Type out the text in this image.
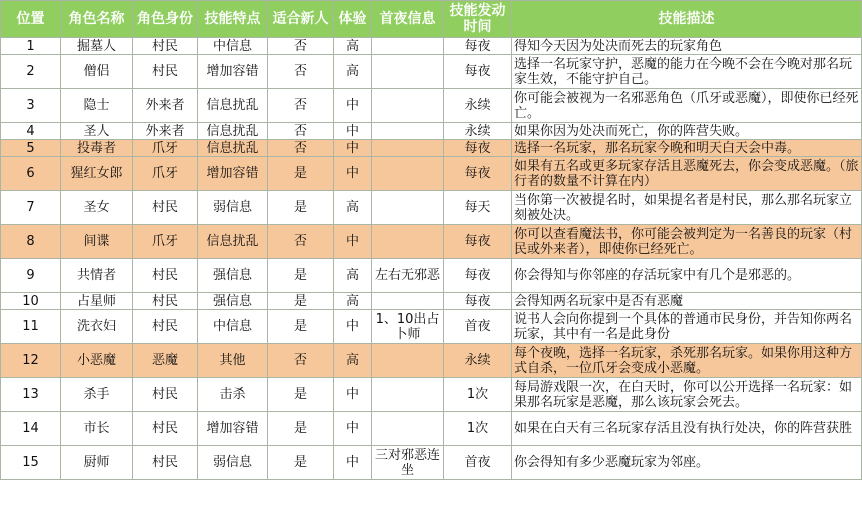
位置	角色名称	角色身份	技能特点	适合新人	体验	首夜信息	技能发动时间	技能描述
1	掘墓人	村民	中信息	否	高		每夜	得知今天因为处决而死去的玩家角色
2	僧侣	村民	增加容错	否	高		每夜	选择一名玩家守护，恶魔的能力在今晚不会在今晚对那名玩家生效，不能守护自己。
3	隐士	外来者	信息扰乱	否	中		永续	你可能会被视为一名邪恶角色（爪牙或恶魔），即使你已经死亡。
4	圣人	外来者	信息扰乱	否	中		永续	如果你因为处决而死亡，你的阵营失败。
5	投毒者	爪牙	信息扰乱	否	中		每夜	选择一名玩家，那名玩家今晚和明天白天会中毒。
6	猩红女郎	爪牙	增加容错	是	中		每夜	如果有五名或更多玩家存活且恶魔死去，你会变成恶魔。（旅行者的数量不计算在内）
7	圣女	村民	弱信息	是	高		每天	当你第一次被提名时，如果提名者是村民，那么那名玩家立刻被处决。
8	间谍	爪牙	信息扰乱	否	中		每夜	你可以查看魔法书，你可能会被判定为一名善良的玩家（村民或外来者），即使你已经死亡。
9	共情者	村民	强信息	是	高	左右无邪恶	每夜	你会得知与你邻座的存活玩家中有几个是邪恶的。
10	占星师	村民	强信息	是	高		每夜	会得知两名玩家中是否有恶魔
11	洗衣妇	村民	中信息	是	中	1、10出占卜师	首夜	说书人会向你提到一个具体的普通市民身份，并告知你两名玩家，其中有一名是此身份
12	小恶魔	恶魔	其他	否	高		永续	每个夜晚，选择一名玩家，杀死那名玩家。如果你用这种方式自杀，一位爪牙会变成小恶魔。
13	杀手	村民	击杀	是	中		1次	每局游戏限一次，在白天时，你可以公开选择一名玩家：如果那名玩家是恶魔，那么该玩家会死去。
14	市长	村民	增加容错	是	中		1次	如果在白天有三名玩家存活且没有执行处决，你的阵营获胜
15	厨师	村民	弱信息	是	中	三对邪恶连坐	首夜	你会得知有多少恶魔玩家为邻座。
